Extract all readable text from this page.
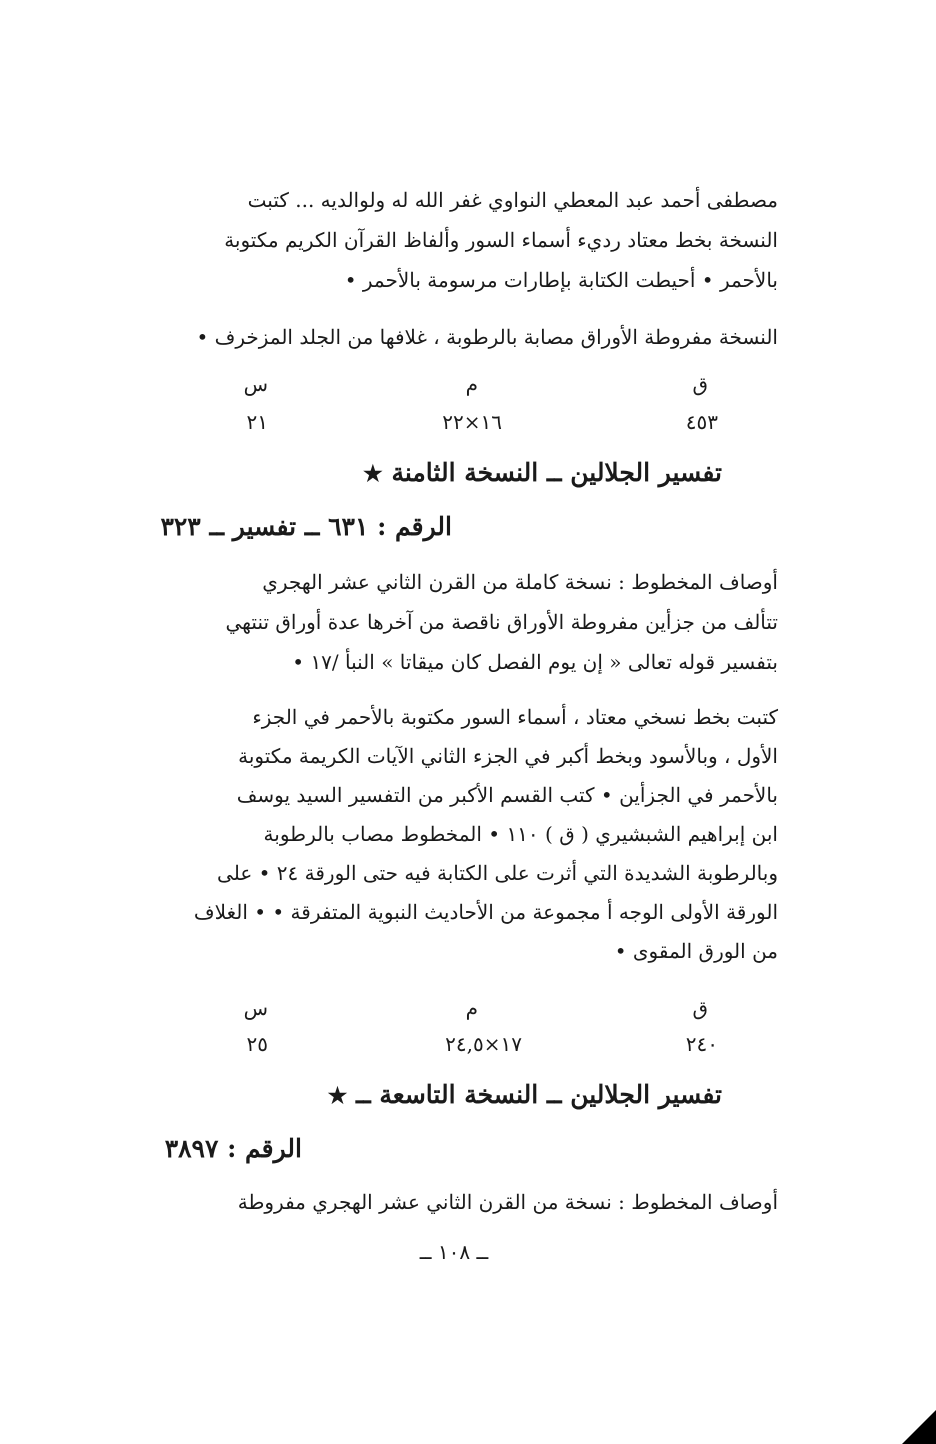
مصطفى أحمد عبد المعطي النواوي غفر الله له ولوالديه ... كتبت
النسخة بخط معتاد رديء أسماء السور وألفاظ القرآن الكريم مكتوبة
بالأحمر • أحيطت الكتابة بإطارات مرسومة بالأحمر •
النسخة مفروطة الأوراق مصابة بالرطوبة ، غلافها من الجلد المزخرف •
ق
م
س
٤٥٣
١٦×٢٢
٢١
تفسير الجلالين ــ النسخة الثامنة ★
الرقم : ٦٣١ ــ تفسير ــ ٣٢٣
أوصاف المخطوط : نسخة كاملة من القرن الثاني عشر الهجري
تتألف من جزأين مفروطة الأوراق ناقصة من آخرها عدة أوراق تنتهي
بتفسير قوله تعالى « إن يوم الفصل كان ميقاتا » النبأ /١٧ •
كتبت بخط نسخي معتاد ، أسماء السور مكتوبة بالأحمر في الجزء
الأول ، وبالأسود وبخط أكبر في الجزء الثاني الآيات الكريمة مكتوبة
بالأحمر في الجزأين • كتب القسم الأكبر من التفسير السيد يوسف
ابن إبراهيم الشبشيري ( ق ) ١١٠ • المخطوط مصاب بالرطوبة
وبالرطوبة الشديدة التي أثرت على الكتابة فيه حتى الورقة ٢٤ • على
الورقة الأولى الوجه أ مجموعة من الأحاديث النبوية المتفرقة • • الغلاف
من الورق المقوى •
ق
م
س
٢٤٠
١٧×٢٤,٥
٢٥
تفسير الجلالين ــ النسخة التاسعة ــ ★
الرقم : ٣٨٩٧
أوصاف المخطوط : نسخة من القرن الثاني عشر الهجري مفروطة
ــ ١٠٨ ــ
